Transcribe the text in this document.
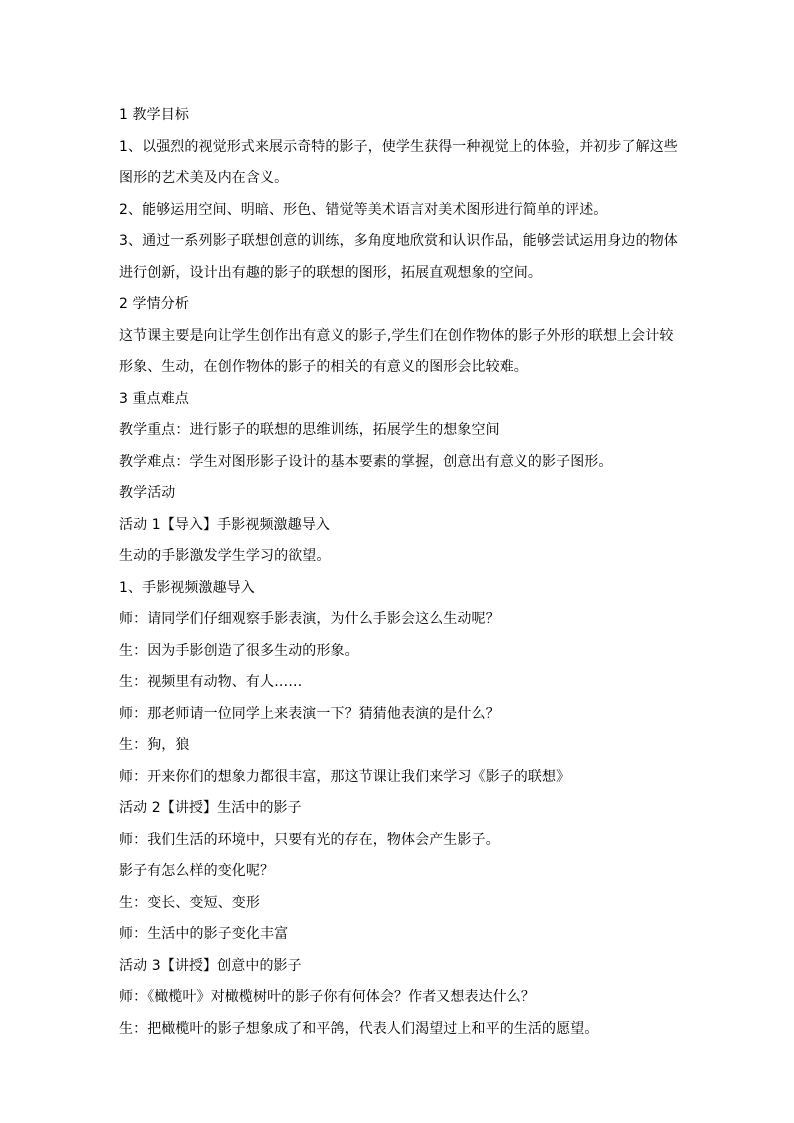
1 教学目标
1、以强烈的视觉形式来展示奇特的影子，使学生获得一种视觉上的体验，并初步了解这些
图形的艺术美及内在含义。
2、能够运用空间、明暗、形色、错觉等美术语言对美术图形进行简单的评述。
3、通过一系列影子联想创意的训练，多角度地欣赏和认识作品，能够尝试运用身边的物体
进行创新，设计出有趣的影子的联想的图形，拓展直观想象的空间。
2 学情分析
这节课主要是向让学生创作出有意义的影子,学生们在创作物体的影子外形的联想上会计较
形象、生动，在创作物体的影子的相关的有意义的图形会比较难。
3 重点难点
教学重点：进行影子的联想的思维训练，拓展学生的想象空间
教学难点：学生对图形影子设计的基本要素的掌握，创意出有意义的影子图形。
教学活动
活动 1【导入】手影视频激趣导入
生动的手影激发学生学习的欲望。
1、手影视频激趣导入
师：请同学们仔细观察手影表演，为什么手影会这么生动呢？
生：因为手影创造了很多生动的形象。
生：视频里有动物、有人……
师：那老师请一位同学上来表演一下？猜猜他表演的是什么？
生：狗，狼
师：开来你们的想象力都很丰富，那这节课让我们来学习《影子的联想》
活动 2【讲授】生活中的影子
师：我们生活的环境中，只要有光的存在，物体会产生影子。
影子有怎么样的变化呢？
生：变长、变短、变形
师：生活中的影子变化丰富
活动 3【讲授】创意中的影子
师：《橄榄叶》对橄榄树叶的影子你有何体会？作者又想表达什么？
生：把橄榄叶的影子想象成了和平鸽，代表人们渴望过上和平的生活的愿望。
